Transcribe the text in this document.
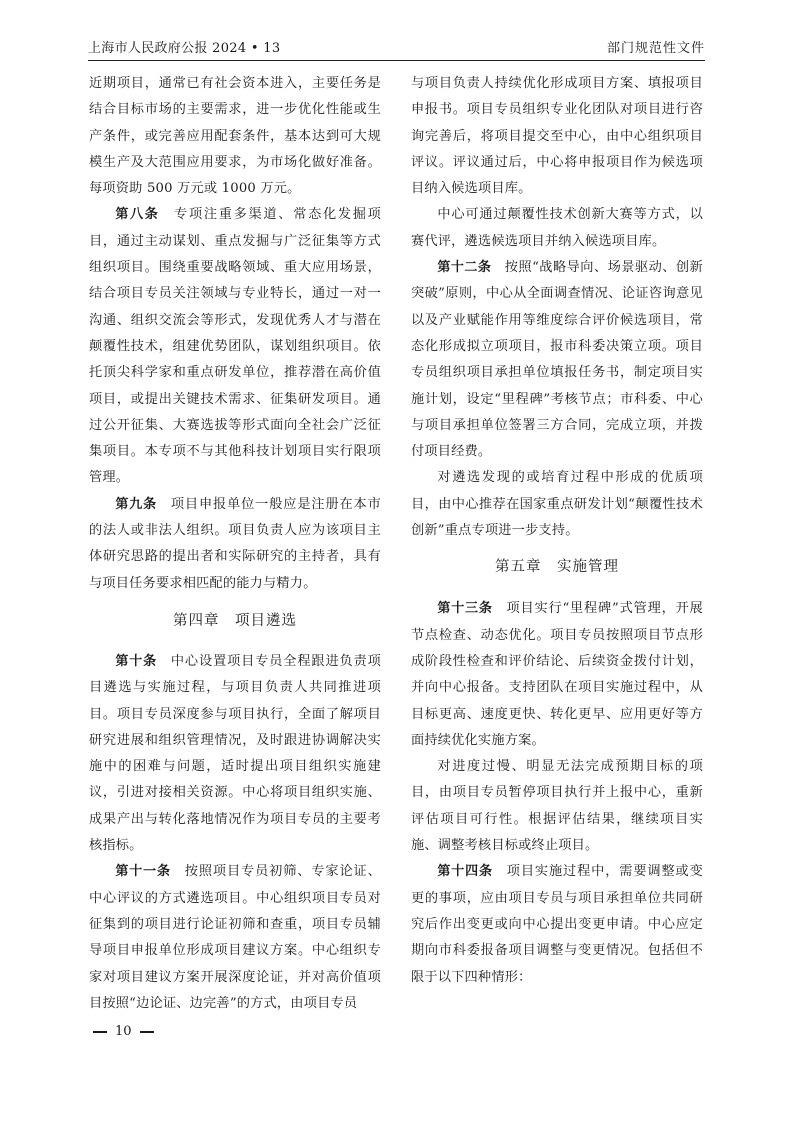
上海市人民政府公报 2024 • 13	部门规范性文件

近期项目，通常已有社会资本进入，主要任务是结合目标市场的主要需求，进一步优化性能或生产条件，或完善应用配套条件，基本达到可大规模生产及大范围应用要求，为市场化做好准备。每项资助 500 万元或 1000 万元。

第八条 专项注重多渠道、常态化发掘项目，通过主动谋划、重点发掘与广泛征集等方式组织项目。围绕重要战略领域、重大应用场景，结合项目专员关注领域与专业特长，通过一对一沟通、组织交流会等形式，发现优秀人才与潜在颠覆性技术，组建优势团队，谋划组织项目。依托顶尖科学家和重点研发单位，推荐潜在高价值项目，或提出关键技术需求、征集研发项目。通过公开征集、大赛选拔等形式面向全社会广泛征集项目。本专项不与其他科技计划项目实行限项管理。

第九条 项目申报单位一般应是注册在本市的法人或非法人组织。项目负责人应为该项目主体研究思路的提出者和实际研究的主持者，具有与项目任务要求相匹配的能力与精力。

第四章　项目遴选

第十条 中心设置项目专员全程跟进负责项目遴选与实施过程，与项目负责人共同推进项目。项目专员深度参与项目执行，全面了解项目研究进展和组织管理情况，及时跟进协调解决实施中的困难与问题，适时提出项目组织实施建议，引进对接相关资源。中心将项目组织实施、成果产出与转化落地情况作为项目专员的主要考核指标。

第十一条 按照项目专员初筛、专家论证、中心评议的方式遴选项目。中心组织项目专员对征集到的项目进行论证初筛和查重，项目专员辅导项目申报单位形成项目建议方案。中心组织专家对项目建议方案开展深度论证，并对高价值项目按照“边论证、边完善”的方式，由项目专员

与项目负责人持续优化形成项目方案、填报项目申报书。项目专员组织专业化团队对项目进行咨询完善后，将项目提交至中心，由中心组织项目评议。评议通过后，中心将申报项目作为候选项目纳入候选项目库。

中心可通过颠覆性技术创新大赛等方式，以赛代评，遴选候选项目并纳入候选项目库。

第十二条 按照“战略导向、场景驱动、创新突破”原则，中心从全面调查情况、论证咨询意见以及产业赋能作用等维度综合评价候选项目，常态化形成拟立项项目，报市科委决策立项。项目专员组织项目承担单位填报任务书，制定项目实施计划，设定“里程碑”考核节点；市科委、中心与项目承担单位签署三方合同，完成立项，并拨付项目经费。

对遴选发现的或培育过程中形成的优质项目，由中心推荐在国家重点研发计划“颠覆性技术创新”重点专项进一步支持。

第五章　实施管理

第十三条 项目实行“里程碑”式管理，开展节点检查、动态优化。项目专员按照项目节点形成阶段性检查和评价结论、后续资金拨付计划，并向中心报备。支持团队在项目实施过程中，从目标更高、速度更快、转化更早、应用更好等方面持续优化实施方案。

对进度过慢、明显无法完成预期目标的项目，由项目专员暂停项目执行并上报中心，重新评估项目可行性。根据评估结果，继续项目实施、调整考核目标或终止项目。

第十四条 项目实施过程中，需要调整或变更的事项，应由项目专员与项目承担单位共同研究后作出变更或向中心提出变更申请。中心应定期向市科委报备项目调整与变更情况。包括但不限于以下四种情形：

10
